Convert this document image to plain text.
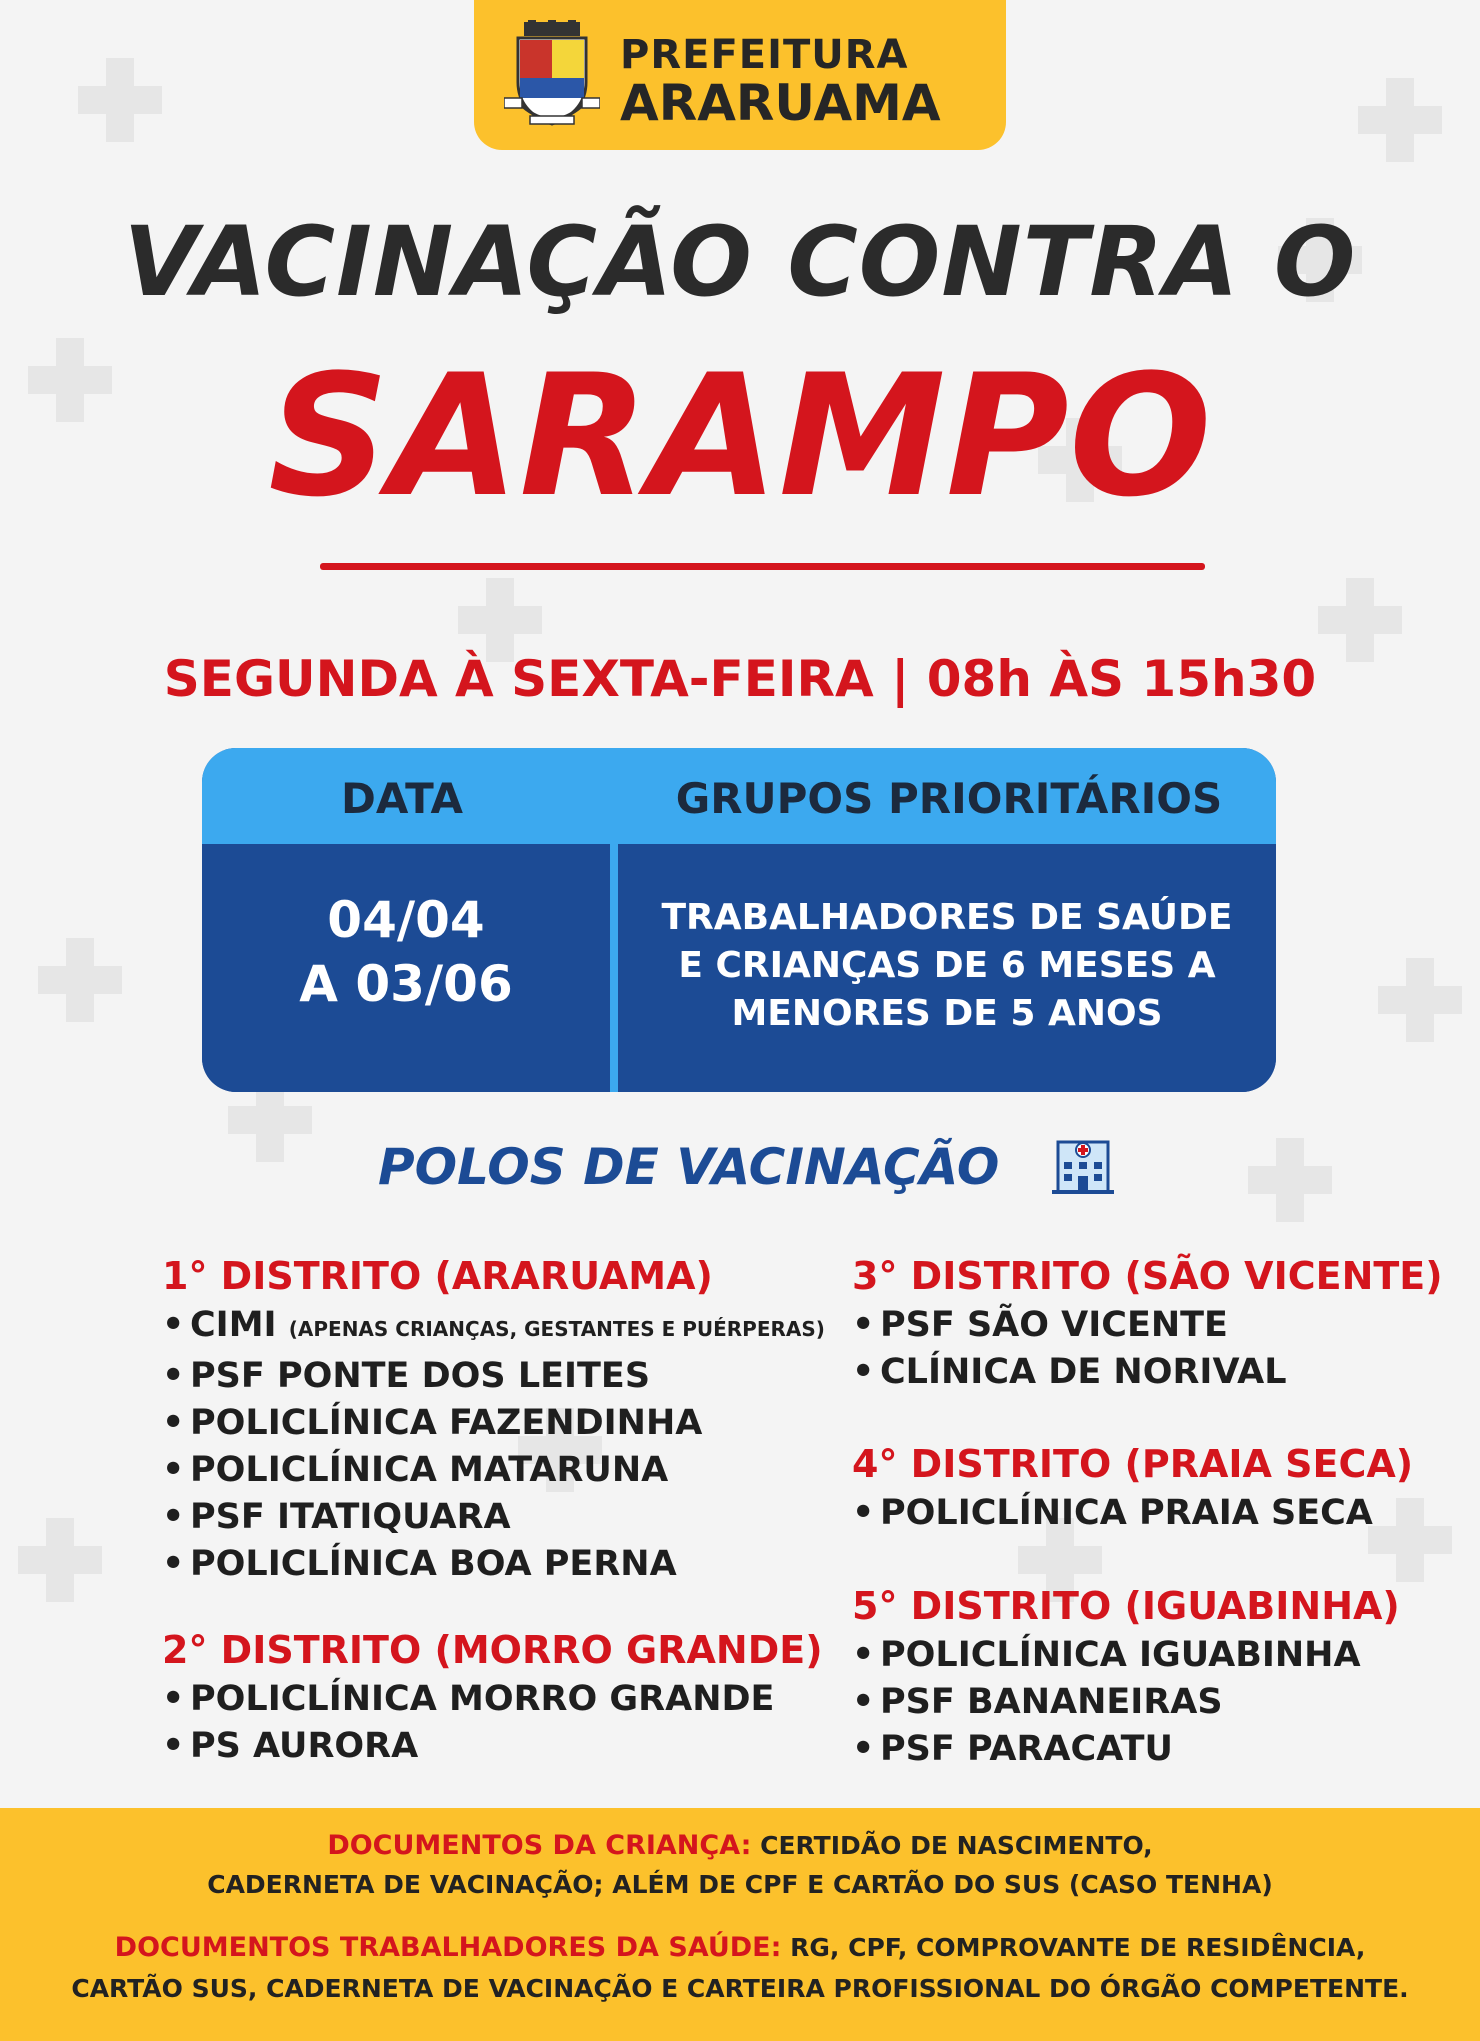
PREFEITURA
ARARUAMA
VACINAÇÃO CONTRA O
SARAMPO
SEGUNDA À SEXTA-FEIRA | 08h ÀS 15h30
DATA	GRUPOS PRIORITÁRIOS
04/04
A 03/06
TRABALHADORES DE SAÚDE
E CRIANÇAS DE 6 MESES A
MENORES DE 5 ANOS
POLOS DE VACINAÇÃO
1° DISTRITO (ARARUAMA)
• CIMI (APENAS CRIANÇAS, GESTANTES E PUÉRPERAS)
• PSF PONTE DOS LEITES
• POLICLÍNICA FAZENDINHA
• POLICLÍNICA MATARUNA
• PSF ITATIQUARA
• POLICLÍNICA BOA PERNA
2° DISTRITO (MORRO GRANDE)
• POLICLÍNICA MORRO GRANDE
• PS AURORA
3° DISTRITO (SÃO VICENTE)
• PSF SÃO VICENTE
• CLÍNICA DE NORIVAL
4° DISTRITO (PRAIA SECA)
• POLICLÍNICA PRAIA SECA
5° DISTRITO (IGUABINHA)
• POLICLÍNICA IGUABINHA
• PSF BANANEIRAS
• PSF PARACATU
DOCUMENTOS DA CRIANÇA: CERTIDÃO DE NASCIMENTO,
CADERNETA DE VACINAÇÃO; ALÉM DE CPF E CARTÃO DO SUS (CASO TENHA)
DOCUMENTOS TRABALHADORES DA SAÚDE: RG, CPF, COMPROVANTE DE RESIDÊNCIA,
CARTÃO SUS, CADERNETA DE VACINAÇÃO E CARTEIRA PROFISSIONAL DO ÓRGÃO COMPETENTE.
